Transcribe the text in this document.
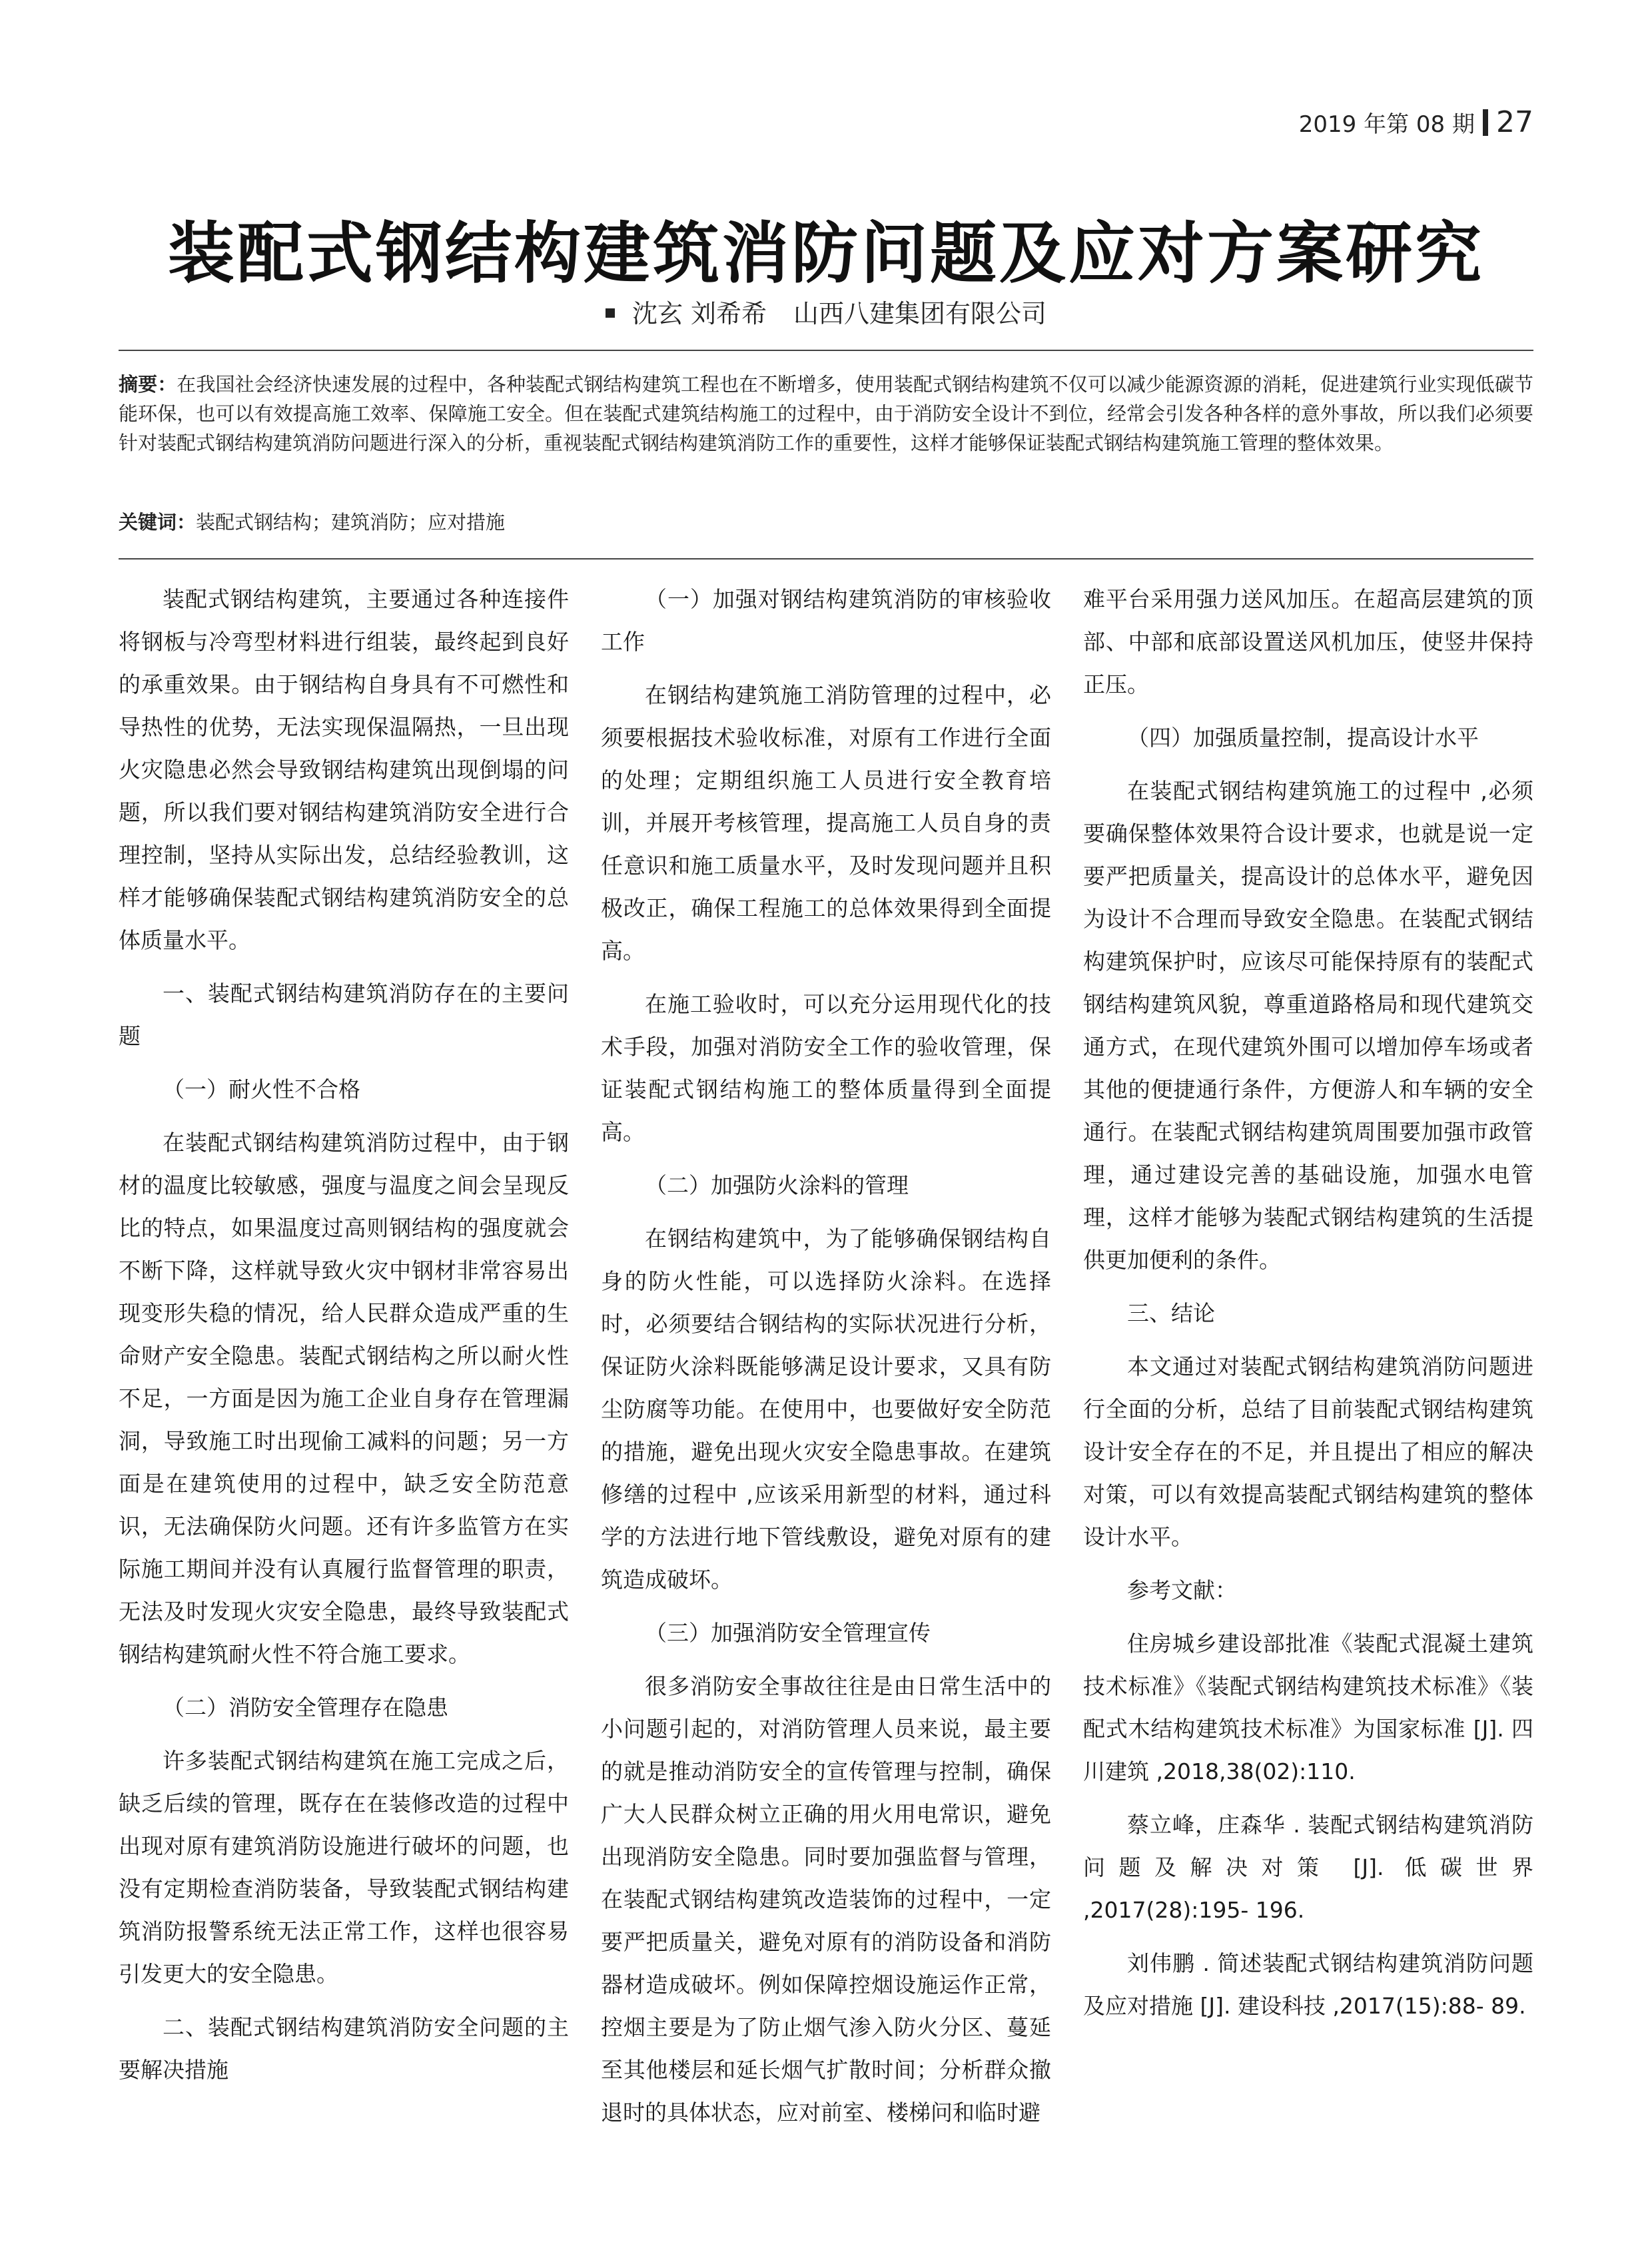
2019 年第 08 期 27
装配式钢结构建筑消防问题及应对方案研究
沈玄 刘希希 山西八建集团有限公司
摘要：在我国社会经济快速发展的过程中，各种装配式钢结构建筑工程也在不断增多，使用装配式钢结构建筑不仅可以减少能源资源的消耗，促进建筑行业实现低碳节能环保，也可以有效提高施工效率、保障施工安全。但在装配式建筑结构施工的过程中，由于消防安全设计不到位，经常会引发各种各样的意外事故，所以我们必须要针对装配式钢结构建筑消防问题进行深入的分析，重视装配式钢结构建筑消防工作的重要性，这样才能够保证装配式钢结构建筑施工管理的整体效果。
关键词：装配式钢结构；建筑消防；应对措施

装配式钢结构建筑，主要通过各种连接件将钢板与冷弯型材料进行组装，最终起到良好的承重效果。由于钢结构自身具有不可燃性和导热性的优势，无法实现保温隔热，一旦出现火灾隐患必然会导致钢结构建筑出现倒塌的问题，所以我们要对钢结构建筑消防安全进行合理控制，坚持从实际出发，总结经验教训，这样才能够确保装配式钢结构建筑消防安全的总体质量水平。

一、装配式钢结构建筑消防存在的主要问题

（一）耐火性不合格

在装配式钢结构建筑消防过程中，由于钢材的温度比较敏感，强度与温度之间会呈现反比的特点，如果温度过高则钢结构的强度就会不断下降，这样就导致火灾中钢材非常容易出现变形失稳的情况，给人民群众造成严重的生命财产安全隐患。装配式钢结构之所以耐火性不足，一方面是因为施工企业自身存在管理漏洞，导致施工时出现偷工减料的问题；另一方面是在建筑使用的过程中，缺乏安全防范意识，无法确保防火问题。还有许多监管方在实际施工期间并没有认真履行监督管理的职责，无法及时发现火灾安全隐患，最终导致装配式钢结构建筑耐火性不符合施工要求。

（二）消防安全管理存在隐患

许多装配式钢结构建筑在施工完成之后，缺乏后续的管理，既存在在装修改造的过程中出现对原有建筑消防设施进行破坏的问题，也没有定期检查消防装备，导致装配式钢结构建筑消防报警系统无法正常工作，这样也很容易引发更大的安全隐患。

二、装配式钢结构建筑消防安全问题的主要解决措施

（一）加强对钢结构建筑消防的审核验收工作

在钢结构建筑施工消防管理的过程中，必须要根据技术验收标准，对原有工作进行全面的处理；定期组织施工人员进行安全教育培训，并展开考核管理，提高施工人员自身的责任意识和施工质量水平，及时发现问题并且积极改正，确保工程施工的总体效果得到全面提高。

在施工验收时，可以充分运用现代化的技术手段，加强对消防安全工作的验收管理，保证装配式钢结构施工的整体质量得到全面提高。

（二）加强防火涂料的管理

在钢结构建筑中，为了能够确保钢结构自身的防火性能，可以选择防火涂料。在选择时，必须要结合钢结构的实际状况进行分析，保证防火涂料既能够满足设计要求，又具有防尘防腐等功能。在使用中，也要做好安全防范的措施，避免出现火灾安全隐患事故。在建筑修缮的过程中 ,应该采用新型的材料，通过科学的方法进行地下管线敷设，避免对原有的建筑造成破坏。

（三）加强消防安全管理宣传

很多消防安全事故往往是由日常生活中的小问题引起的，对消防管理人员来说，最主要的就是推动消防安全的宣传管理与控制，确保广大人民群众树立正确的用火用电常识，避免出现消防安全隐患。同时要加强监督与管理，在装配式钢结构建筑改造装饰的过程中，一定要严把质量关，避免对原有的消防设备和消防器材造成破坏。例如保障控烟设施运作正常，控烟主要是为了防止烟气渗入防火分区、蔓延至其他楼层和延长烟气扩散时间；分析群众撤退时的具体状态，应对前室、楼梯问和临时避

难平台采用强力送风加压。在超高层建筑的顶部、中部和底部设置送风机加压，使竖井保持正压。

（四）加强质量控制，提高设计水平

在装配式钢结构建筑施工的过程中 ,必须要确保整体效果符合设计要求，也就是说一定要严把质量关，提高设计的总体水平，避免因为设计不合理而导致安全隐患。在装配式钢结构建筑保护时，应该尽可能保持原有的装配式钢结构建筑风貌，尊重道路格局和现代建筑交通方式，在现代建筑外围可以增加停车场或者其他的便捷通行条件，方便游人和车辆的安全通行。在装配式钢结构建筑周围要加强市政管理，通过建设完善的基础设施，加强水电管理，这样才能够为装配式钢结构建筑的生活提供更加便利的条件。

三、结论

本文通过对装配式钢结构建筑消防问题进行全面的分析，总结了目前装配式钢结构建筑设计安全存在的不足，并且提出了相应的解决对策，可以有效提高装配式钢结构建筑的整体设计水平。

参考文献：

住房城乡建设部批准《装配式混凝土建筑技术标准》《装配式钢结构建筑技术标准》《装配式木结构建筑技术标准》为国家标准 [J]. 四川建筑 ,2018,38(02):110.

蔡立峰，庄森华 . 装配式钢结构建筑消防问题及解决对策 [J]. 低碳世界 ,2017(28):195- 196.

刘伟鹏 . 简述装配式钢结构建筑消防问题及应对措施 [J]. 建设科技 ,2017(15):88- 89.
